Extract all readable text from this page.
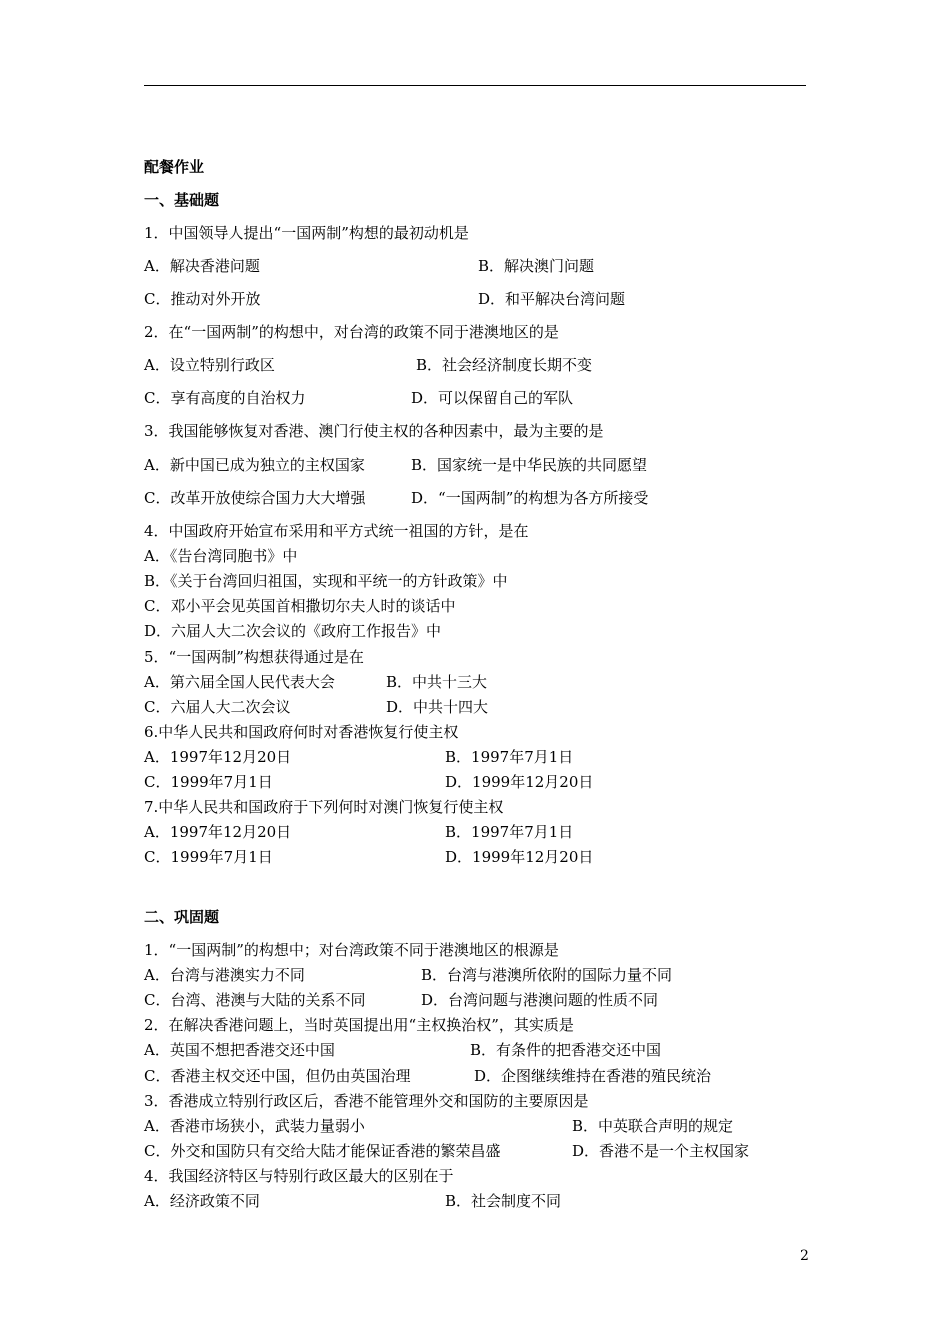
配餐作业
一、基础题
1．中国领导人提出“一国两制”构想的最初动机是
A．解决香港问题	B．解决澳门问题
C．推动对外开放	D．和平解决台湾问题
2．在“一国两制”的构想中，对台湾的政策不同于港澳地区的是
A．设立特别行政区	B．社会经济制度长期不变
C．享有高度的自治权力	D．可以保留自己的军队
3．我国能够恢复对香港、澳门行使主权的各种因素中，最为主要的是
A．新中国已成为独立的主权国家	B．国家统一是中华民族的共同愿望
C．改革开放使综合国力大大增强	D．“一国两制”的构想为各方所接受
4．中国政府开始宣布采用和平方式统一祖国的方针，是在
A．《告台湾同胞书》中
B．《关于台湾回归祖国，实现和平统一的方针政策》中
C．邓小平会见英国首相撒切尔夫人时的谈话中
D．六届人大二次会议的《政府工作报告》中
5．“一国两制”构想获得通过是在
A．第六届全国人民代表大会	B．中共十三大
C．六届人大二次会议	D．中共十四大
6.中华人民共和国政府何时对香港恢复行使主权
A．1997年12月20日	B．1997年7月1日
C．1999年7月1日	D．1999年12月20日
7.中华人民共和国政府于下列何时对澳门恢复行使主权
A．1997年12月20日	B．1997年7月1日
C．1999年7月1日	D．1999年12月20日
二、巩固题
1．“一国两制”的构想中；对台湾政策不同于港澳地区的根源是
A．台湾与港澳实力不同	B．台湾与港澳所依附的国际力量不同
C．台湾、港澳与大陆的关系不同	D．台湾问题与港澳问题的性质不同
2．在解决香港问题上，当时英国提出用“主权换治权”，其实质是
A．英国不想把香港交还中国	B．有条件的把香港交还中国
C．香港主权交还中国，但仍由英国治理	D．企图继续维持在香港的殖民统治
3．香港成立特别行政区后，香港不能管理外交和国防的主要原因是
A．香港市场狭小，武装力量弱小	B．中英联合声明的规定
C．外交和国防只有交给大陆才能保证香港的繁荣昌盛	D．香港不是一个主权国家
4．我国经济特区与特别行政区最大的区别在于
A．经济政策不同	B．社会制度不同
2
